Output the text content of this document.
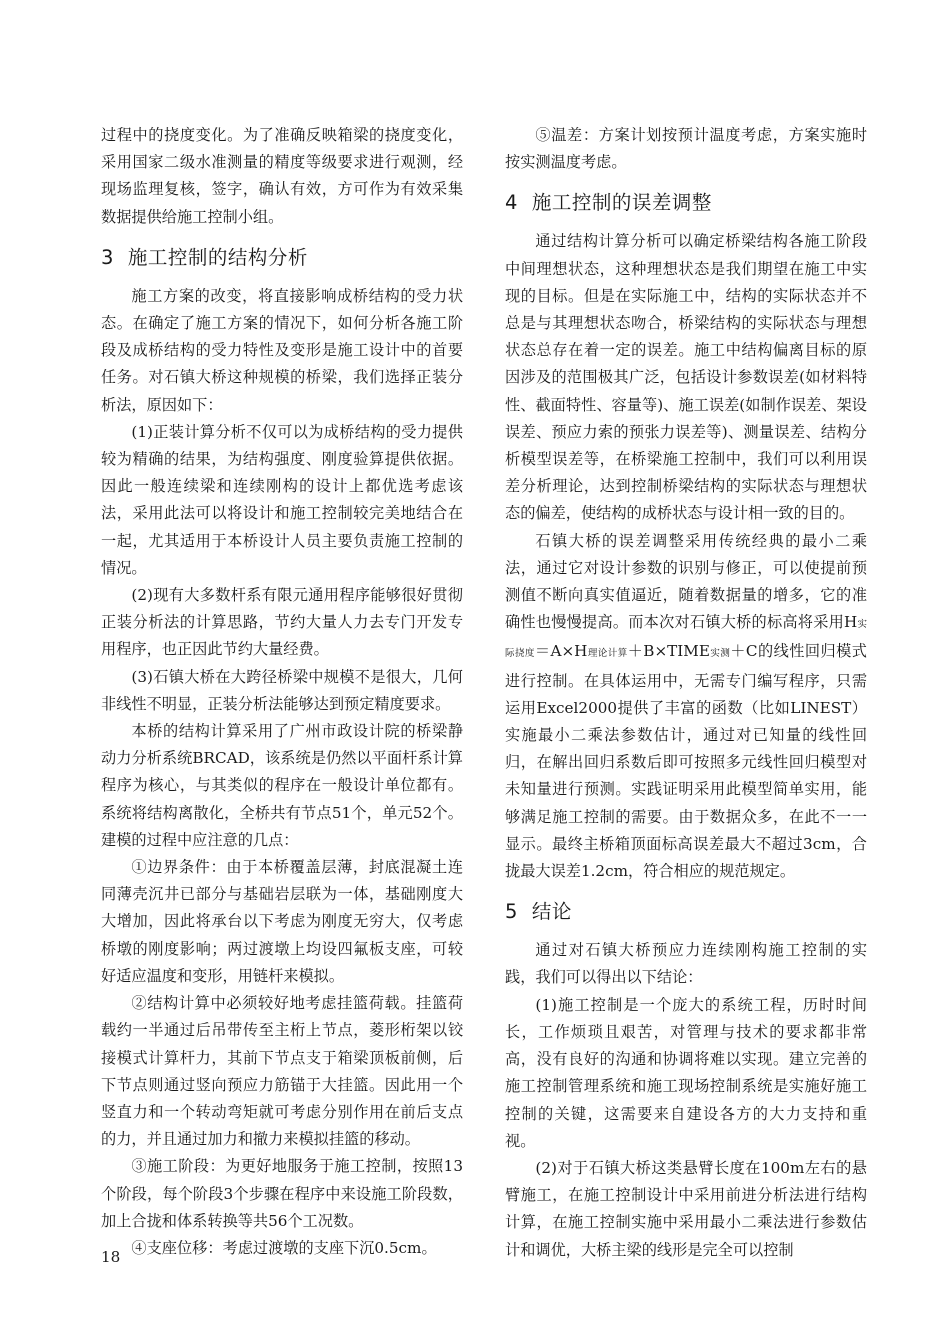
过程中的挠度变化。为了准确反映箱梁的挠度变化，采用国家二级水准测量的精度等级要求进行观测，经现场监理复核，签字，确认有效，方可作为有效采集数据提供给施工控制小组。

3 施工控制的结构分析

施工方案的改变，将直接影响成桥结构的受力状态。在确定了施工方案的情况下，如何分析各施工阶段及成桥结构的受力特性及变形是施工设计中的首要任务。对石镇大桥这种规模的桥梁，我们选择正装分析法，原因如下：

(1)正装计算分析不仅可以为成桥结构的受力提供较为精确的结果，为结构强度、刚度验算提供依据。因此一般连续梁和连续刚构的设计上都优选考虑该法，采用此法可以将设计和施工控制较完美地结合在一起，尤其适用于本桥设计人员主要负责施工控制的情况。

(2)现有大多数杆系有限元通用程序能够很好贯彻正装分析法的计算思路，节约大量人力去专门开发专用程序，也正因此节约大量经费。

(3)石镇大桥在大跨径桥梁中规模不是很大，几何非线性不明显，正装分析法能够达到预定精度要求。

本桥的结构计算采用了广州市政设计院的桥梁静动力分析系统BRCAD，该系统是仍然以平面杆系计算程序为核心，与其类似的程序在一般设计单位都有。系统将结构离散化，全桥共有节点51个，单元52个。建模的过程中应注意的几点：

①边界条件：由于本桥覆盖层薄，封底混凝土连同薄壳沉井已部分与基础岩层联为一体，基础刚度大大增加，因此将承台以下考虑为刚度无穷大，仅考虑桥墩的刚度影响；两过渡墩上均设四氟板支座，可较好适应温度和变形，用链杆来模拟。

②结构计算中必须较好地考虑挂篮荷载。挂篮荷载约一半通过后吊带传至主桁上节点，菱形桁架以铰接模式计算杆力，其前下节点支于箱梁顶板前侧，后下节点则通过竖向预应力筋锚于大挂篮。因此用一个竖直力和一个转动弯矩就可考虑分别作用在前后支点的力，并且通过加力和撤力来模拟挂篮的移动。

③施工阶段：为更好地服务于施工控制，按照13个阶段，每个阶段3个步骤在程序中来设施工阶段数，加上合拢和体系转换等共56个工况数。

④支座位移：考虑过渡墩的支座下沉0.5cm。

⑤温差：方案计划按预计温度考虑，方案实施时按实测温度考虑。

4 施工控制的误差调整

通过结构计算分析可以确定桥梁结构各施工阶段中间理想状态，这种理想状态是我们期望在施工中实现的目标。但是在实际施工中，结构的实际状态并不总是与其理想状态吻合，桥梁结构的实际状态与理想状态总存在着一定的误差。施工中结构偏离目标的原因涉及的范围极其广泛，包括设计参数误差(如材料特性、截面特性、容量等)、施工误差(如制作误差、架设误差、预应力索的预张力误差等)、测量误差、结构分析模型误差等，在桥梁施工控制中，我们可以利用误差分析理论，达到控制桥梁结构的实际状态与理想状态的偏差，使结构的成桥状态与设计相一致的目的。

石镇大桥的误差调整采用传统经典的最小二乘法，通过它对设计参数的识别与修正，可以使提前预测值不断向真实值逼近，随着数据量的增多，它的准确性也慢慢提高。而本次对石镇大桥的标高将采用H实际挠度＝A×H理论计算＋B×TIME实测＋C的线性回归模式进行控制。在具体运用中，无需专门编写程序，只需运用Excel2000提供了丰富的函数（比如LINEST）实施最小二乘法参数估计，通过对已知量的线性回归，在解出回归系数后即可按照多元线性回归模型对未知量进行预测。实践证明采用此模型简单实用，能够满足施工控制的需要。由于数据众多，在此不一一显示。最终主桥箱顶面标高误差最大不超过3cm，合拢最大误差1.2cm，符合相应的规范规定。

5 结论

通过对石镇大桥预应力连续刚构施工控制的实践，我们可以得出以下结论：

(1)施工控制是一个庞大的系统工程，历时时间长，工作烦琐且艰苦，对管理与技术的要求都非常高，没有良好的沟通和协调将难以实现。建立完善的施工控制管理系统和施工现场控制系统是实施好施工控制的关键，这需要来自建设各方的大力支持和重视。

(2)对于石镇大桥这类悬臂长度在100m左右的悬臂施工，在施工控制设计中采用前进分析法进行结构计算，在施工控制实施中采用最小二乘法进行参数估计和调优，大桥主梁的线形是完全可以控制

18
